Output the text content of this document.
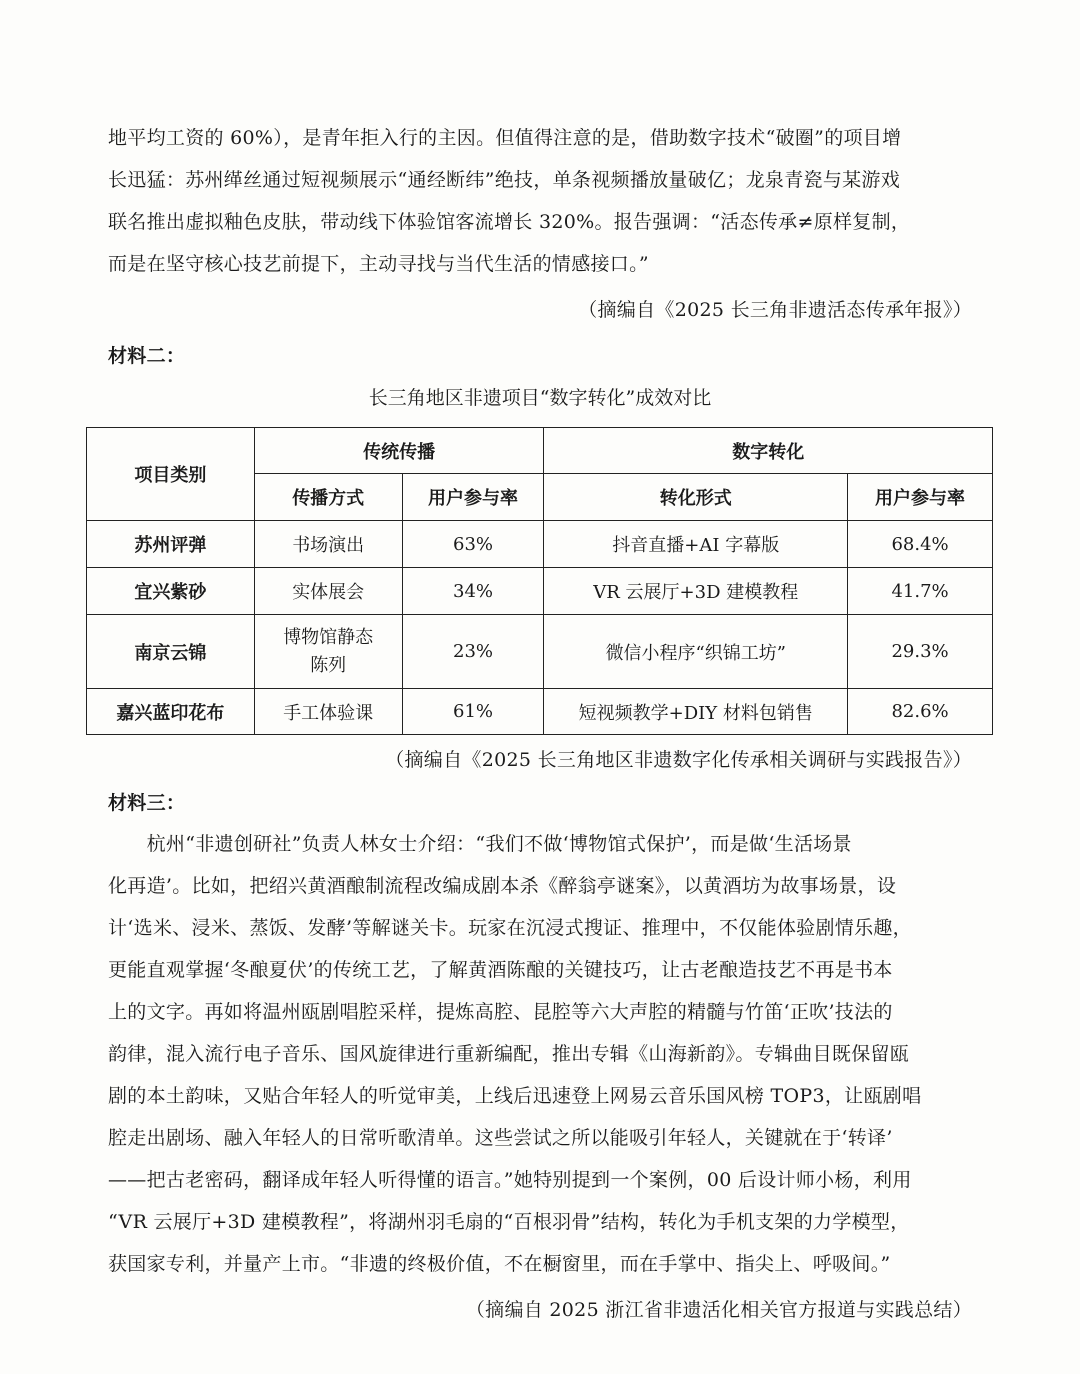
地平均工资的 60%），是青年拒入行的主因。但值得注意的是，借助数字技术“破圈”的项目增
长迅猛：苏州缂丝通过短视频展示“通经断纬”绝技，单条视频播放量破亿；龙泉青瓷与某游戏
联名推出虚拟釉色皮肤，带动线下体验馆客流增长 320%。报告强调：“活态传承≠原样复制，
而是在坚守核心技艺前提下，主动寻找与当代生活的情感接口。”
（摘编自《2025 长三角非遗活态传承年报》）
材料二：
长三角地区非遗项目“数字转化”成效对比
项目类别	传统传播		数字转化	
	传播方式	用户参与率	转化形式	用户参与率
苏州评弹	书场演出	63%	抖音直播+AI 字幕版	68.4%
宜兴紫砂	实体展会	34%	VR 云展厅+3D 建模教程	41.7%
南京云锦	博物馆静态
陈列	23%	微信小程序“织锦工坊”	29.3%
嘉兴蓝印花布	手工体验课	61%	短视频教学+DIY 材料包销售	82.6%
（摘编自《2025 长三角地区非遗数字化传承相关调研与实践报告》）
材料三：
　　杭州“非遗创研社”负责人林女士介绍：“我们不做‘博物馆式保护’，而是做‘生活场景
化再造’。比如，把绍兴黄酒酿制流程改编成剧本杀《醉翁亭谜案》，以黄酒坊为故事场景，设
计‘选米、浸米、蒸饭、发酵’等解谜关卡。玩家在沉浸式搜证、推理中，不仅能体验剧情乐趣，
更能直观掌握‘冬酿夏伏’的传统工艺，了解黄酒陈酿的关键技巧，让古老酿造技艺不再是书本
上的文字。再如将温州瓯剧唱腔采样，提炼高腔、昆腔等六大声腔的精髓与竹笛‘正吹’技法的
韵律，混入流行电子音乐、国风旋律进行重新编配，推出专辑《山海新韵》。专辑曲目既保留瓯
剧的本土韵味，又贴合年轻人的听觉审美，上线后迅速登上网易云音乐国风榜 TOP3，让瓯剧唱
腔走出剧场、融入年轻人的日常听歌清单。这些尝试之所以能吸引年轻人，关键就在于‘转译’
——把古老密码，翻译成年轻人听得懂的语言。”她特别提到一个案例，00 后设计师小杨，利用
“VR 云展厅+3D 建模教程”，将湖州羽毛扇的“百根羽骨”结构，转化为手机支架的力学模型，
获国家专利，并量产上市。“非遗的终极价值，不在橱窗里，而在手掌中、指尖上、呼吸间。”
（摘编自 2025 浙江省非遗活化相关官方报道与实践总结）
